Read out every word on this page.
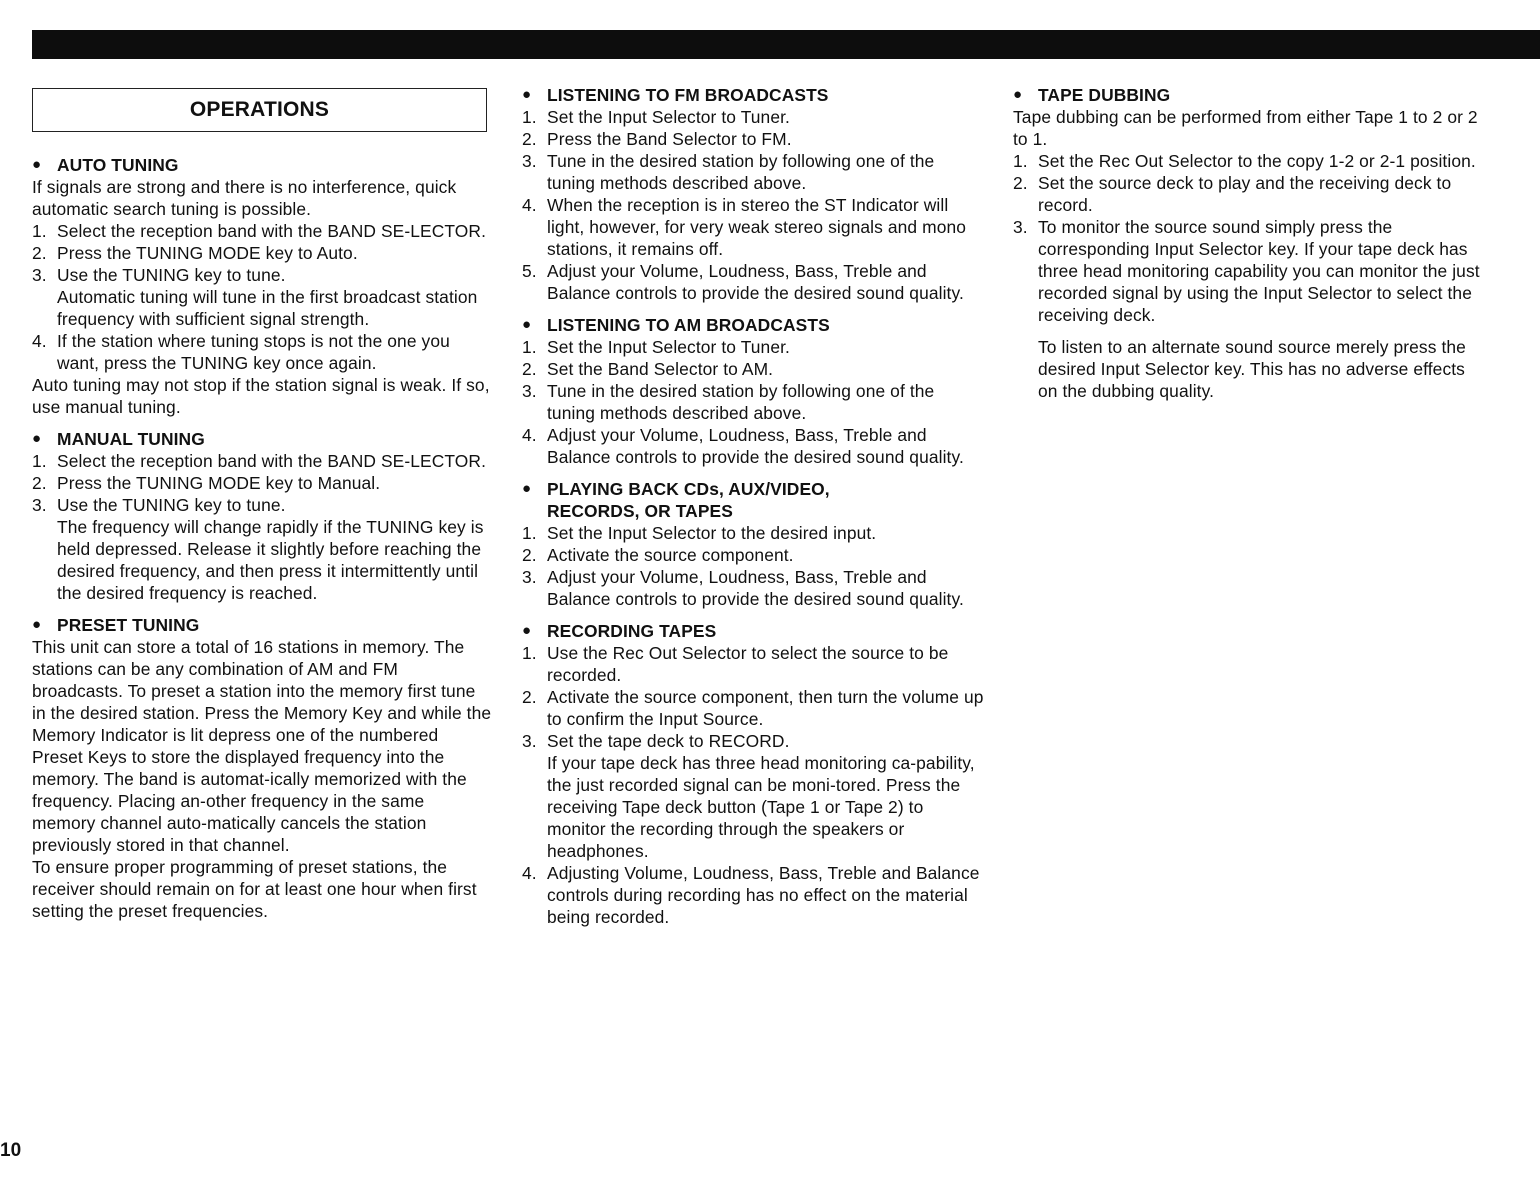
OPERATIONS
● AUTO TUNING

If signals are strong and there is no interference, quick automatic search tuning is possible.

1. Select the reception band with the BAND SE-LECTOR.
2. Press the TUNING MODE key to Auto.
3. Use the TUNING key to tune.
Automatic tuning will tune in the first broadcast station frequency with sufficient signal strength.
4. If the station where tuning stops is not the one you want, press the TUNING key once again.

Auto tuning may not stop if the station signal is weak. If so, use manual tuning.

● MANUAL TUNING
1. Select the reception band with the BAND SE-LECTOR.
2. Press the TUNING MODE key to Manual.
3. Use the TUNING key to tune.
The frequency will change rapidly if the TUNING key is held depressed. Release it slightly before reaching the desired frequency, and then press it intermittently until the desired frequency is reached.
● PRESET TUNING

This unit can store a total of 16 stations in memory. The stations can be any combination of AM and FM broadcasts. To preset a station into the memory first tune in the desired station. Press the Memory Key and while the Memory Indicator is lit depress one of the numbered Preset Keys to store the displayed frequency into the memory. The band is automat-ically memorized with the frequency. Placing an-other frequency in the same memory channel auto-matically cancels the station previously stored in that channel.

To ensure proper programming of preset stations, the receiver should remain on for at least one hour when first setting the preset frequencies.

● LISTENING TO FM BROADCASTS
1. Set the Input Selector to Tuner.
2. Press the Band Selector to FM.
3. Tune in the desired station by following one of the tuning methods described above.
4. When the reception is in stereo the ST Indicator will light, however, for very weak stereo signals and mono stations, it remains off.
5. Adjust your Volume, Loudness, Bass, Treble and Balance controls to provide the desired sound quality.
● LISTENING TO AM BROADCASTS
1. Set the Input Selector to Tuner.
2. Set the Band Selector to AM.
3. Tune in the desired station by following one of the tuning methods described above.
4. Adjust your Volume, Loudness, Bass, Treble and Balance controls to provide the desired sound quality.
● PLAYING BACK CDs, AUX/VIDEO,
RECORDS, OR TAPES
1. Set the Input Selector to the desired input.
2. Activate the source component.
3. Adjust your Volume, Loudness, Bass, Treble and Balance controls to provide the desired sound quality.
● RECORDING TAPES
1. Use the Rec Out Selector to select the source to be recorded.
2. Activate the source component, then turn the volume up to confirm the Input Source.
3. Set the tape deck to RECORD.
If your tape deck has three head monitoring ca-pability, the just recorded signal can be moni-tored. Press the receiving Tape deck button (Tape 1 or Tape 2) to monitor the recording through the speakers or headphones.
4. Adjusting Volume, Loudness, Bass, Treble and Balance controls during recording has no effect on the material being recorded.
● TAPE DUBBING

Tape dubbing can be performed from either Tape 1 to 2 or 2 to 1.

1. Set the Rec Out Selector to the copy 1-2 or 2-1 position.
2. Set the source deck to play and the receiving deck to record.
3. To monitor the source sound simply press the corresponding Input Selector key. If your tape deck has three head monitoring capability you can monitor the just recorded signal by using the Input Selector to select the receiving deck.
To listen to an alternate sound source merely press the desired Input Selector key. This has no adverse effects on the dubbing quality.
10
